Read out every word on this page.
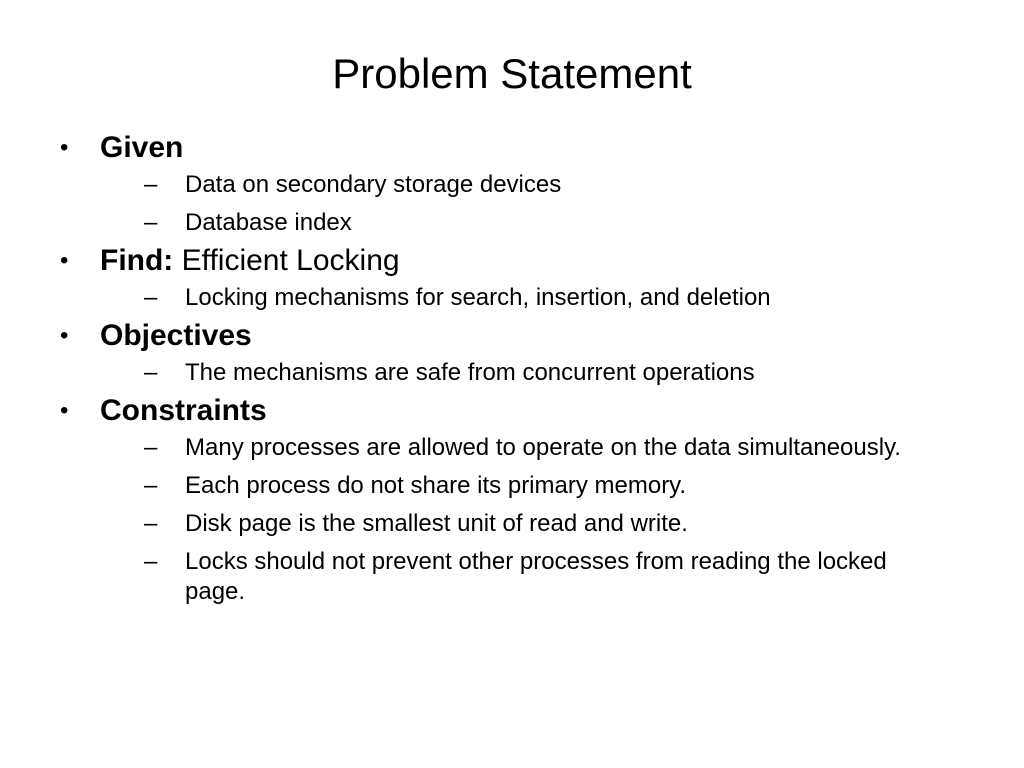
Problem Statement
•	Given
– Data on secondary storage devices
– Database index
•	Find: Efficient Locking
– Locking mechanisms for search, insertion, and deletion
•	Objectives
– The mechanisms are safe from concurrent operations
•	Constraints
– Many processes are allowed to operate on the data simultaneously.
– Each process do not share its primary memory.
– Disk page is the smallest unit of read and write.
– Locks should not prevent other processes from reading the locked page.
